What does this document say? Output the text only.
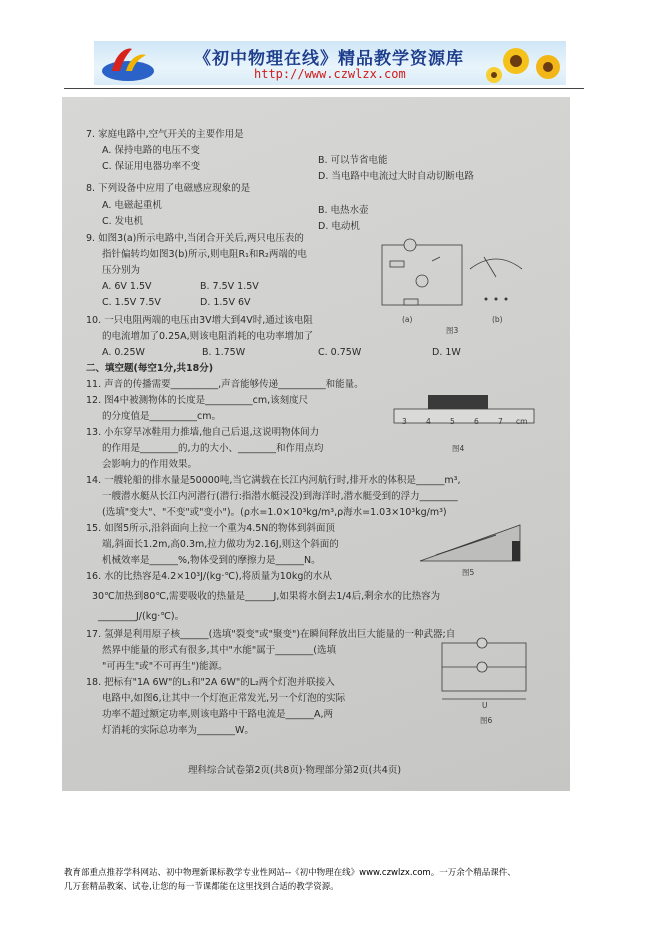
《初中物理在线》精品教学资源库
http://www.czwlzx.com
7. 家庭电路中,空气开关的主要作用是
A. 保持电路的电压不变
B. 可以节省电能
C. 保证用电器功率不变
D. 当电路中电流过大时自动切断电路
8. 下列设备中应用了电磁感应现象的是
A. 电磁起重机	B. 电热水壶
C. 发电机	D. 电动机
9. 如图3(a)所示电路中,当闭合开关后,两只电压表的
指针偏转均如图3(b)所示,则电阻R₁和R₂两端的电
压分别为
A. 6V 1.5V	B. 7.5V 1.5V
C. 1.5V 7.5V	D. 1.5V 6V
(a)	(b)
图3
10. 一只电阻两端的电压由3V增大到4V时,通过该电阻
的电流增加了0.25A,则该电阻消耗的电功率增加了
A. 0.25W	B. 1.75W	C. 0.75W	D. 1W
二、填空题(每空1分,共18分)
11. 声音的传播需要__________,声音能够传递__________和能量。
12. 图4中被测物体的长度是__________cm,该刻度尺
的分度值是__________cm。	3	4	5	6	7 cm
图4
13. 小东穿旱冰鞋用力推墙,他自己后退,这说明物体间力
的作用是________的,力的大小、________和作用点均
会影响力的作用效果。
14. 一艘轮船的排水量是50000吨,当它满载在长江内河航行时,排开水的体积是______m³,
一艘潜水艇从长江内河潜行(潜行:指潜水艇浸没)到海洋时,潜水艇受到的浮力________
(选填"变大"、"不变"或"变小")。(ρ水=1.0×10³kg/m³,ρ海水=1.03×10³kg/m³)
15. 如图5所示,沿斜面向上拉一个重为4.5N的物体到斜面顶
端,斜面长1.2m,高0.3m,拉力做功为2.16J,则这个斜面的
机械效率是______%,物体受到的摩擦力是______N。
图5
16. 水的比热容是4.2×10³J/(kg·℃),将质量为10kg的水从
30℃加热到80℃,需要吸收的热量是______J,如果将水倒去1/4后,剩余水的比热容为
________J/(kg·℃)。
17. 氢弹是利用原子核______(选填"裂变"或"聚变")在瞬间释放出巨大能量的一种武器;自
然界中能量的形式有很多,其中"水能"属于________(选填
"可再生"或"不可再生")能源。
18. 把标有"1A 6W"的L₁和"2A 6W"的L₂两个灯泡并联接入
电路中,如图6,让其中一个灯泡正常发光,另一个灯泡的实际
功率不超过额定功率,则该电路中干路电流是______A,两
灯消耗的实际总功率为________W。
U
图6
理科综合试卷第2页(共8页)·物理部分第2页(共4页)
教育部重点推荐学科网站、初中物理新课标教学专业性网站--《初中物理在线》www.czwlzx.com。一万余个精品课件、
几万套精品教案、试卷,让您的每一节课都能在这里找到合适的教学资源。
